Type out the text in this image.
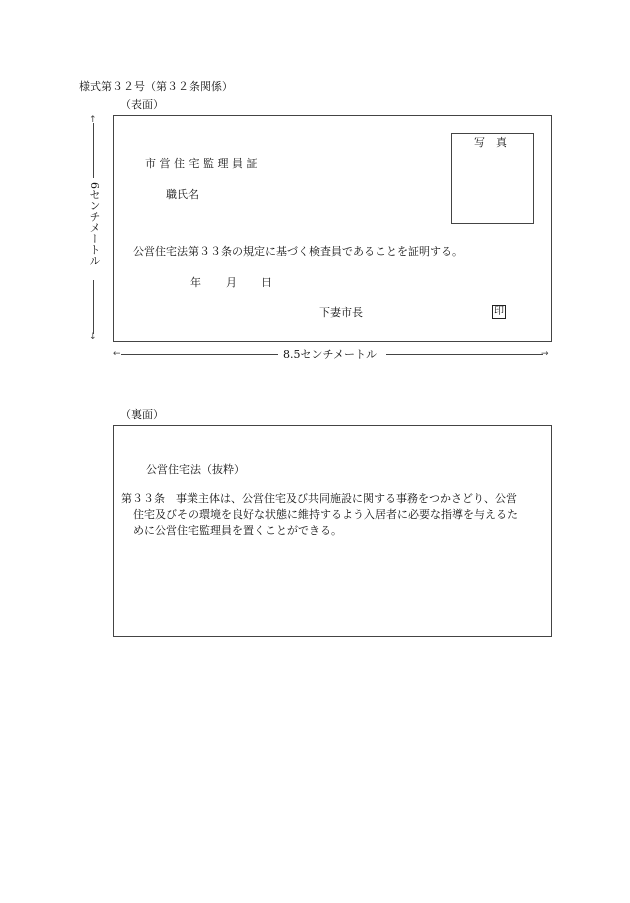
様式第３２号（第３２条関係）
（表面）
写　真
市 営 住 宅 監 理 員 証
職氏名
公営住宅法第３３条の規定に基づく検査員であることを証明する。
年 月 日
下妻市長	印
↑
6センチメートル
↓
←	8.5センチメートル	→
（裏面）
公営住宅法（抜粋）
第３３条　事業主体は、公営住宅及び共同施設に関する事務をつかさどり、公営
住宅及びその環境を良好な状態に維持するよう入居者に必要な指導を与えるた
めに公営住宅監理員を置くことができる。
